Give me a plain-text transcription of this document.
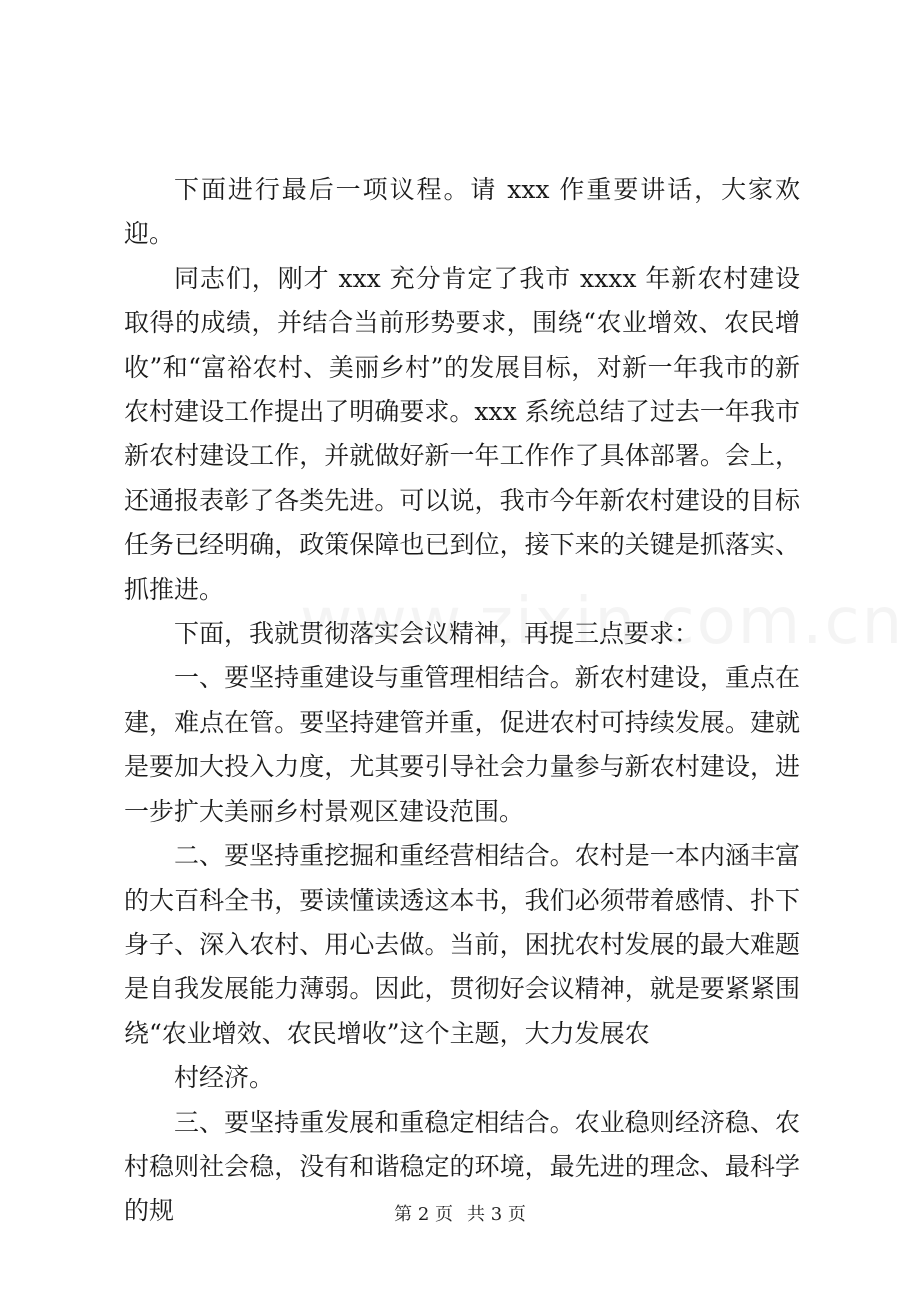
下面进行最后一项议程。请 xxx 作重要讲话，大家欢迎。

同志们，刚才 xxx 充分肯定了我市 xxxx 年新农村建设取得的成绩，并结合当前形势要求，围绕“农业增效、农民增收”和“富裕农村、美丽乡村”的发展目标，对新一年我市的新农村建设工作提出了明确要求。xxx 系统总结了过去一年我市新农村建设工作，并就做好新一年工作作了具体部署。会上，还通报表彰了各类先进。可以说，我市今年新农村建设的目标任务已经明确，政策保障也已到位，接下来的关键是抓落实、抓推进。

下面，我就贯彻落实会议精神，再提三点要求：

一、要坚持重建设与重管理相结合。新农村建设，重点在建，难点在管。要坚持建管并重，促进农村可持续发展。建就是要加大投入力度，尤其要引导社会力量参与新农村建设，进一步扩大美丽乡村景观区建设范围。

二、要坚持重挖掘和重经营相结合。农村是一本内涵丰富的大百科全书，要读懂读透这本书，我们必须带着感情、扑下身子、深入农村、用心去做。当前，困扰农村发展的最大难题是自我发展能力薄弱。因此，贯彻好会议精神，就是要紧紧围绕“农业增效、农民增收”这个主题，大力发展农

村经济。

三、要坚持重发展和重稳定相结合。农业稳则经济稳、农村稳则社会稳，没有和谐稳定的环境，最先进的理念、最科学的规	第 2 页 共 3 页
